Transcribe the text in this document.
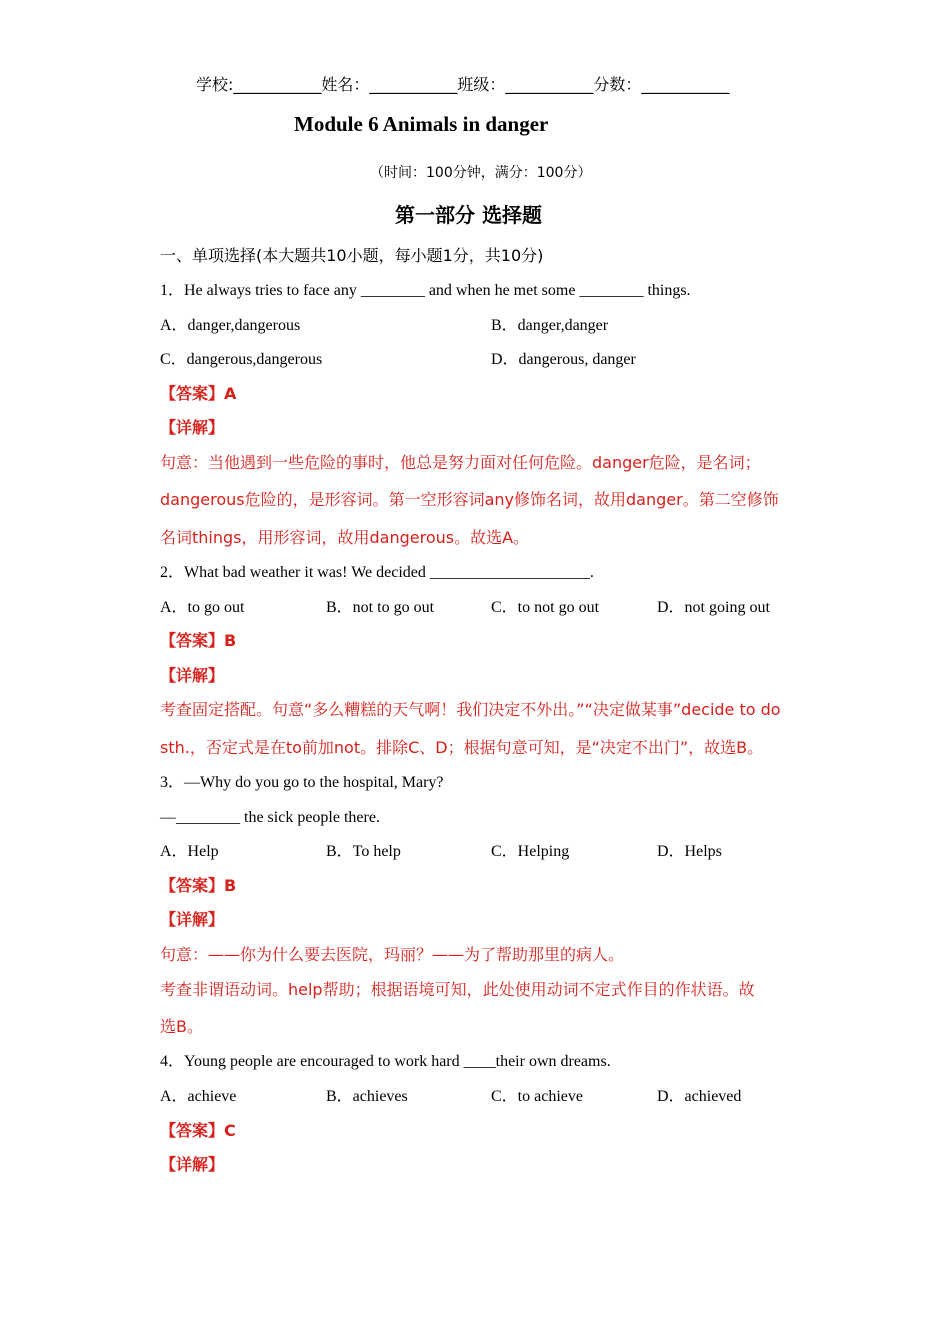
学校:___________姓名：___________班级：___________分数：___________
Module 6 Animals in danger
（时间：100分钟，满分：100分）
第一部分 选择题
一、单项选择(本大题共10小题，每小题1分，共10分)
1．He always tries to face any ________ and when he met some ________ things.
A．danger,dangerous	B．danger,danger
C．dangerous,dangerous	D．dangerous, danger
【答案】A
【详解】
句意：当他遇到一些危险的事时，他总是努力面对任何危险。danger危险，是名词；
dangerous危险的，是形容词。第一空形容词any修饰名词，故用danger。第二空修饰
名词things，用形容词，故用dangerous。故选A。
2．What bad weather it was! We decided ____________________.
A．to go out	B．not to go out	C．to not go out	D．not going out
【答案】B
【详解】
考查固定搭配。句意“多么糟糕的天气啊！我们决定不外出。”“决定做某事”decide to do
sth.，否定式是在to前加not。排除C、D；根据句意可知，是“决定不出门”，故选B。
3．—Why do you go to the hospital, Mary?
—________ the sick people there.
A．Help	B．To help	C．Helping	D．Helps
【答案】B
【详解】
句意：——你为什么要去医院，玛丽？——为了帮助那里的病人。
考查非谓语动词。help帮助；根据语境可知，此处使用动词不定式作目的作状语。故
选B。
4．Young people are encouraged to work hard ____their own dreams.
A．achieve	B．achieves	C．to achieve	D．achieved
【答案】C
【详解】
